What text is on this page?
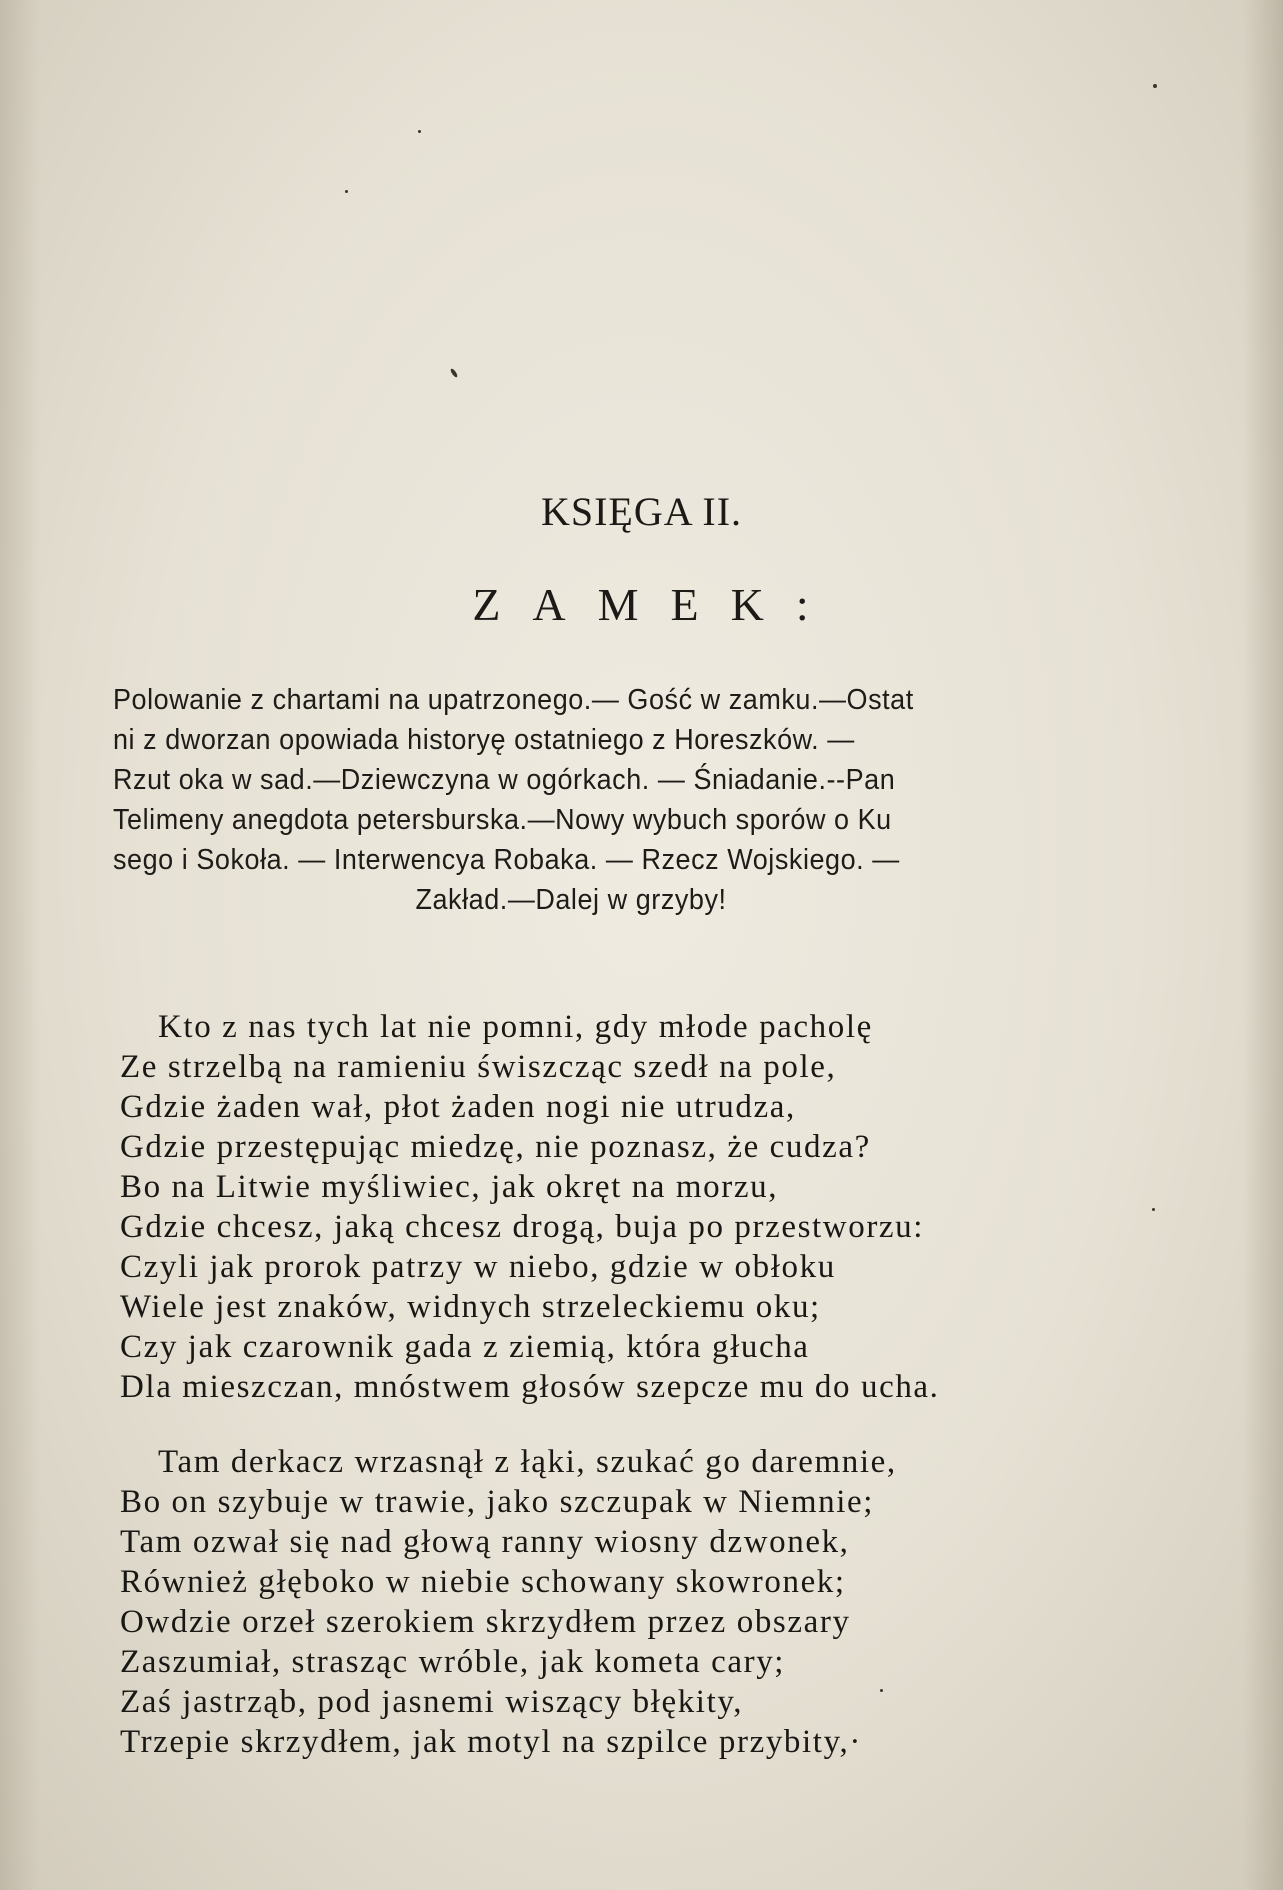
KSIĘGA II.
ZAMEK:
Polowanie z chartami na upatrzonego.— Gość w zamku.—Ostat
ni z dworzan opowiada historyę ostatniego z Horeszków. —
Rzut oka w sad.—Dziewczyna w ogórkach. — Śniadanie.--Pan
Telimeny anegdota petersburska.—Nowy wybuch sporów o Ku
sego i Sokoła. — Interwencya Robaka. — Rzecz Wojskiego. —
Zakład.—Dalej w grzyby!
Kto z nas tych lat nie pomni, gdy młode pacholę
Ze strzelbą na ramieniu świszcząc szedł na pole,
Gdzie żaden wał, płot żaden nogi nie utrudza,
Gdzie przestępując miedzę, nie poznasz, że cudza?
Bo na Litwie myśliwiec, jak okręt na morzu,
Gdzie chcesz, jaką chcesz drogą, buja po przestworzu:
Czyli jak prorok patrzy w niebo, gdzie w obłoku
Wiele jest znaków, widnych strzeleckiemu oku;
Czy jak czarownik gada z ziemią, która głucha
Dla mieszczan, mnóstwem głosów szepcze mu do ucha.
Tam derkacz wrzasnął z łąki, szukać go daremnie,
Bo on szybuje w trawie, jako szczupak w Niemnie;
Tam ozwał się nad głową ranny wiosny dzwonek,
Również głęboko w niebie schowany skowronek;
Owdzie orzeł szerokiem skrzydłem przez obszary
Zaszumiał, strasząc wróble, jak kometa cary;
Zaś jastrząb, pod jasnemi wiszący błękity,
Trzepie skrzydłem, jak motyl na szpilce przybity,·
